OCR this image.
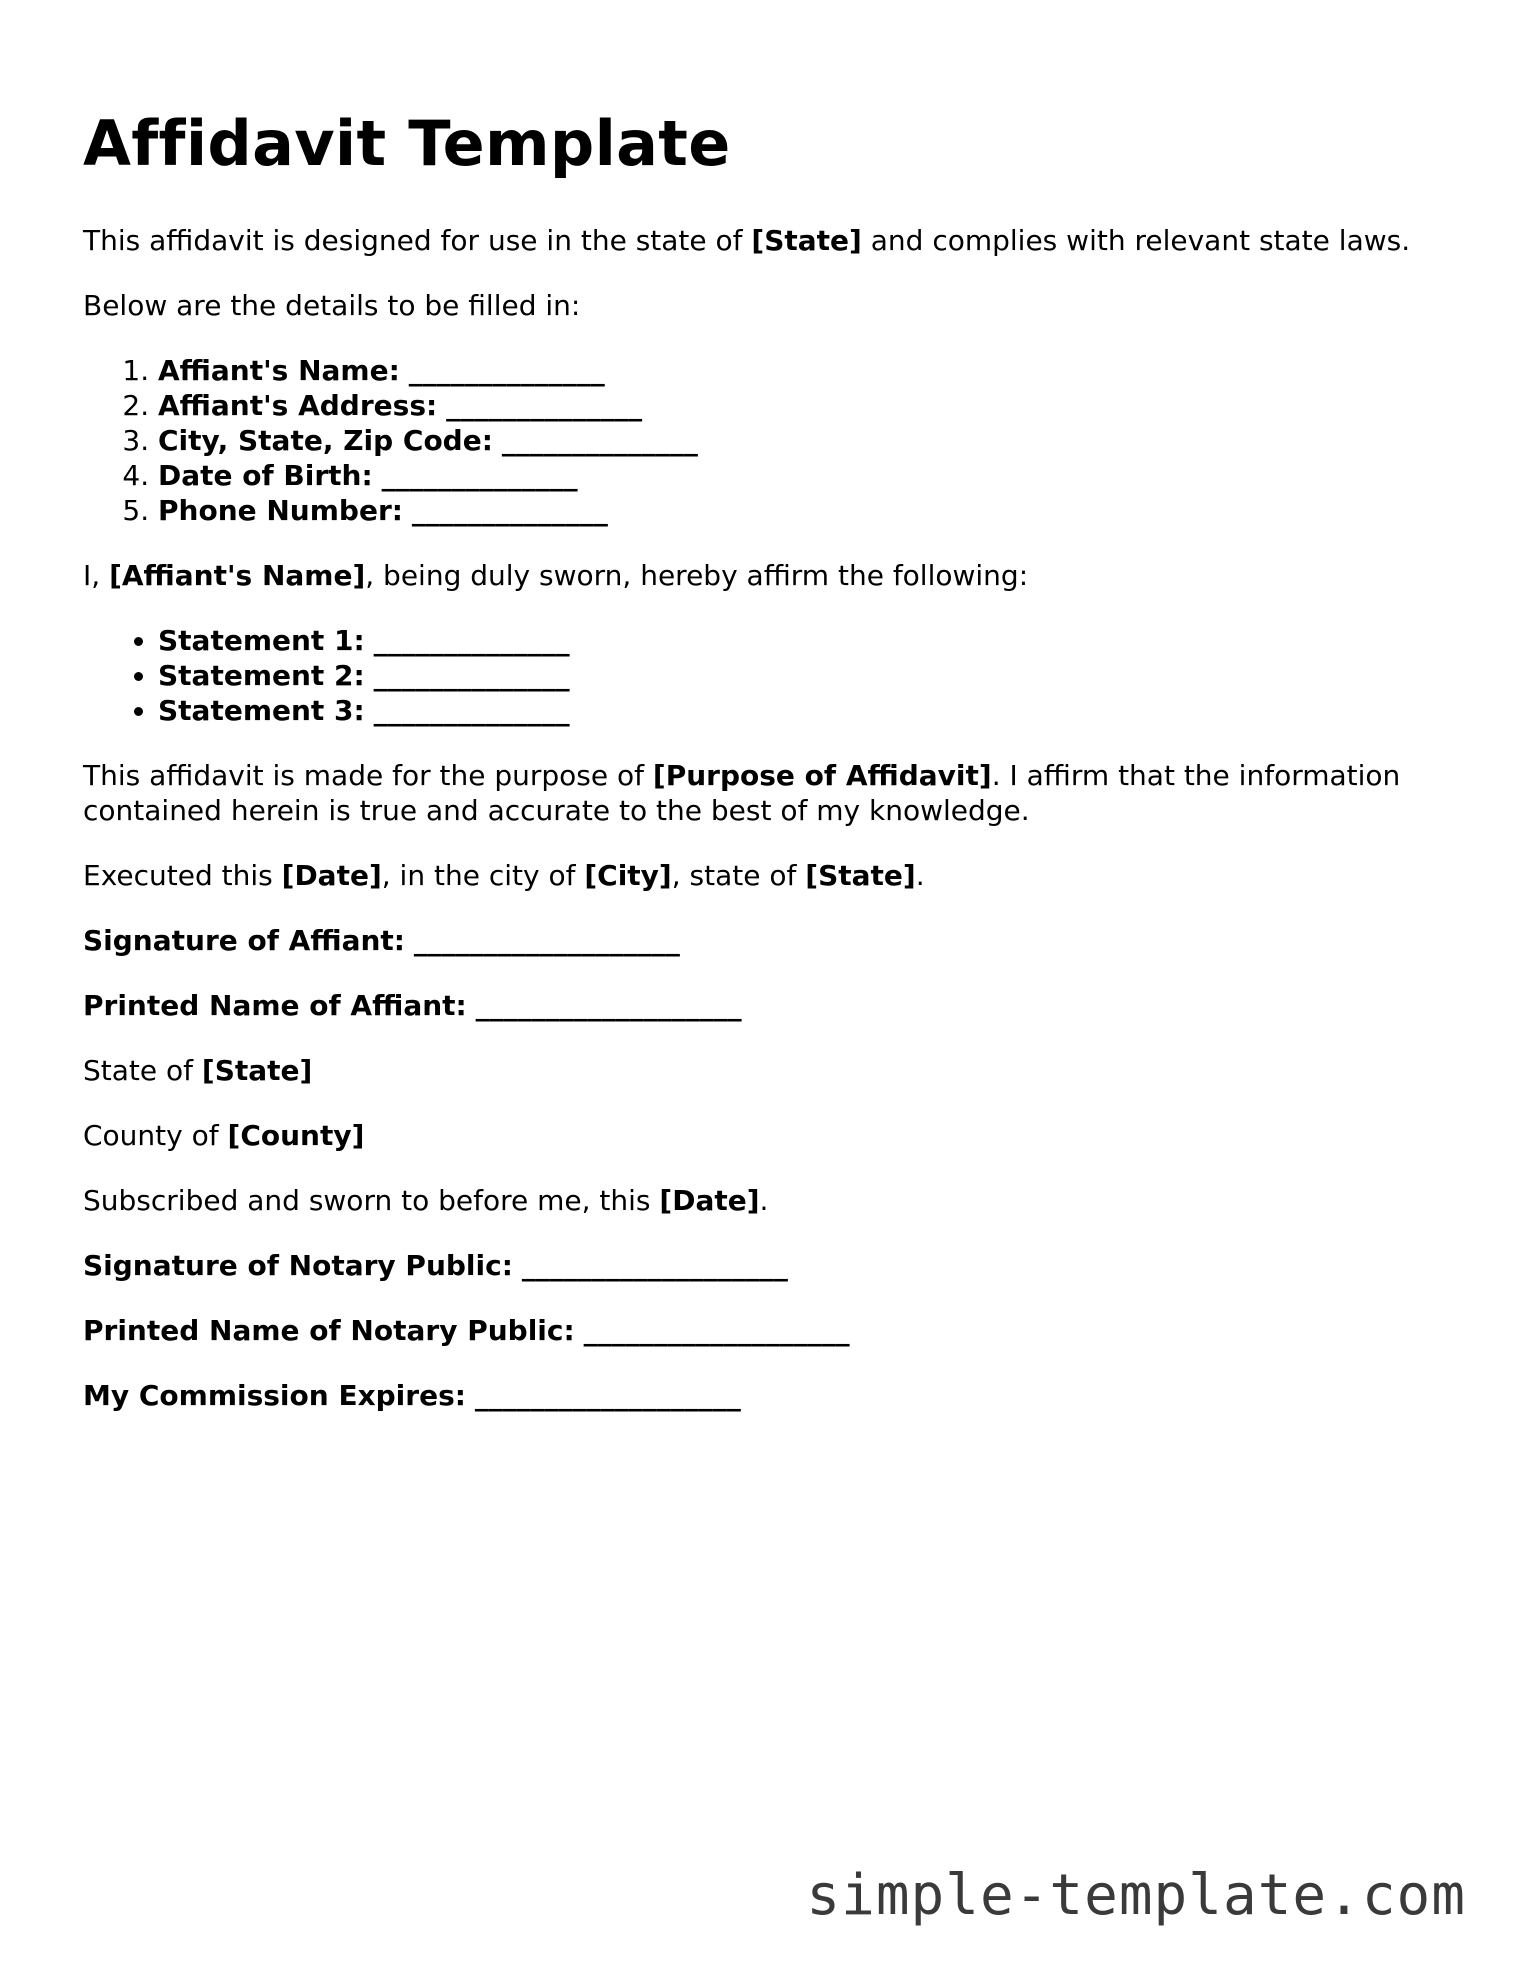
Affidavit Template

This affidavit is designed for use in the state of [State] and complies with relevant state laws.

Below are the details to be filled in:

1. Affiant's Name: ______________
2. Affiant's Address: ______________
3. City, State, Zip Code: ______________
4. Date of Birth: ______________
5. Phone Number: ______________

I, [Affiant's Name], being duly sworn, hereby affirm the following:

• Statement 1: ______________
• Statement 2: ______________
• Statement 3: ______________

This affidavit is made for the purpose of [Purpose of Affidavit]. I affirm that the information contained herein is true and accurate to the best of my knowledge.

Executed this [Date], in the city of [City], state of [State].

Signature of Affiant: ___________________

Printed Name of Affiant: ___________________

State of [State]

County of [County]

Subscribed and sworn to before me, this [Date].

Signature of Notary Public: ___________________

Printed Name of Notary Public: ___________________

My Commission Expires: ___________________

simple-template.com
